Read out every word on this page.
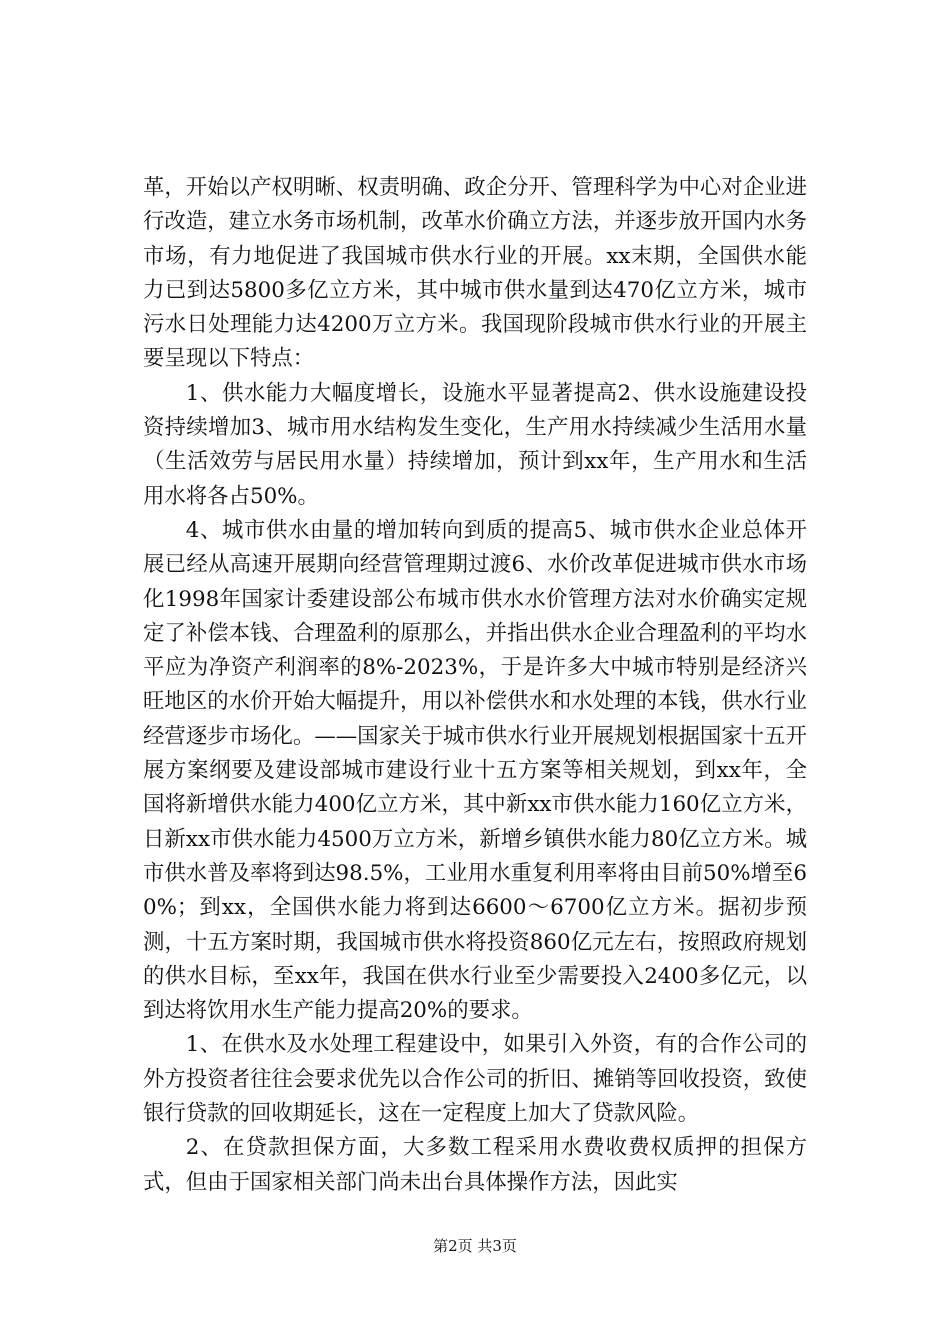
革，开始以产权明晰、权责明确、政企分开、管理科学为中心对企业进行改造，建立水务市场机制，改革水价确立方法，并逐步放开国内水务市场，有力地促进了我国城市供水行业的开展。xx末期，全国供水能力已到达5800多亿立方米，其中城市供水量到达470亿立方米，城市污水日处理能力达4200万立方米。我国现阶段城市供水行业的开展主要呈现以下特点：

1、供水能力大幅度增长，设施水平显著提高2、供水设施建设投资持续增加3、城市用水结构发生变化，生产用水持续减少生活用水量（生活效劳与居民用水量）持续增加，预计到xx年，生产用水和生活用水将各占50%。

4、城市供水由量的增加转向到质的提高5、城市供水企业总体开展已经从高速开展期向经营管理期过渡6、水价改革促进城市供水市场化1998年国家计委建设部公布城市供水水价管理方法对水价确实定规定了补偿本钱、合理盈利的原那么，并指出供水企业合理盈利的平均水平应为净资产利润率的8%-2023%，于是许多大中城市特别是经济兴旺地区的水价开始大幅提升，用以补偿供水和水处理的本钱，供水行业经营逐步市场化。——国家关于城市供水行业开展规划根据国家十五开展方案纲要及建设部城市建设行业十五方案等相关规划，到xx年，全国将新增供水能力400亿立方米，其中新xx市供水能力160亿立方米，日新xx市供水能力4500万立方米，新增乡镇供水能力80亿立方米。城市供水普及率将到达98.5%，工业用水重复利用率将由目前50%增至60%；到xx，全国供水能力将到达6600～6700亿立方米。据初步预测，十五方案时期，我国城市供水将投资860亿元左右，按照政府规划的供水目标，至xx年，我国在供水行业至少需要投入2400多亿元，以到达将饮用水生产能力提高20%的要求。

1、在供水及水处理工程建设中，如果引入外资，有的合作公司的外方投资者往往会要求优先以合作公司的折旧、摊销等回收投资，致使银行贷款的回收期延长，这在一定程度上加大了贷款风险。

2、在贷款担保方面，大多数工程采用水费收费权质押的担保方式，但由于国家相关部门尚未出台具体操作方法，因此实

第2页 共3页
